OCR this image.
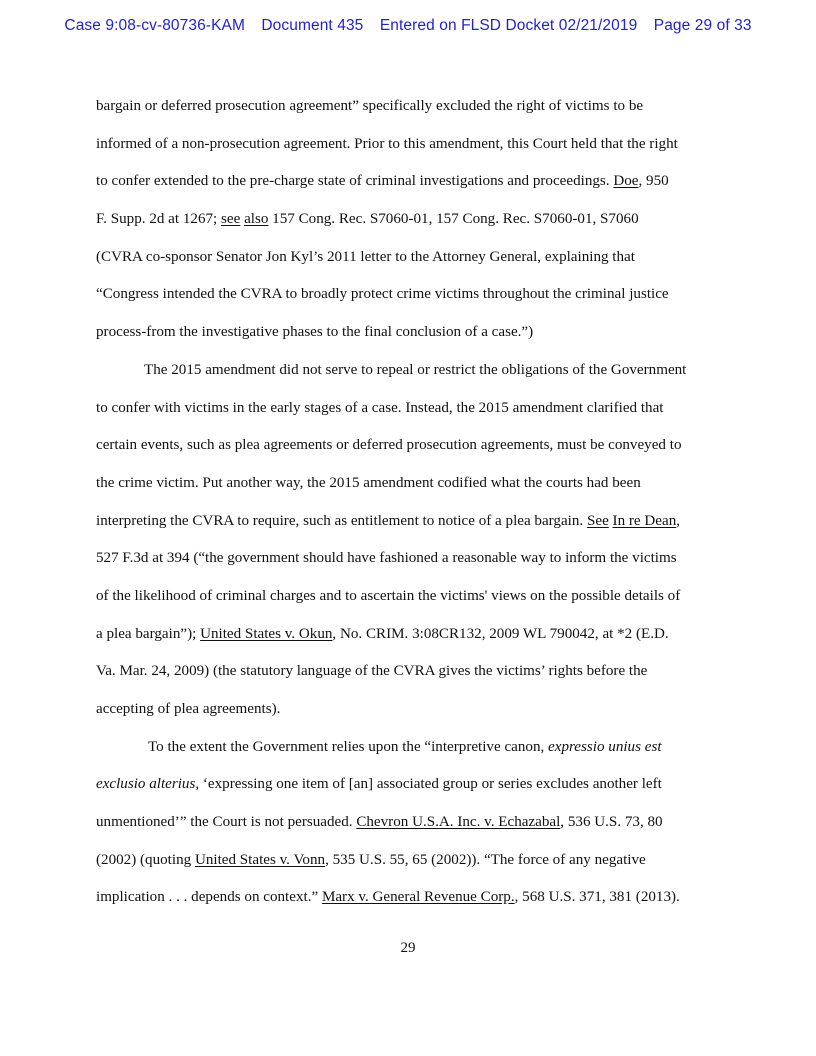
Case 9:08-cv-80736-KAM Document 435 Entered on FLSD Docket 02/21/2019 Page 29 of 33
bargain or deferred prosecution agreement” specifically excluded the right of victims to be
informed of a non-prosecution agreement. Prior to this amendment, this Court held that the right
to confer extended to the pre-charge state of criminal investigations and proceedings. Doe, 950
F. Supp. 2d at 1267; see also 157 Cong. Rec. S7060-01, 157 Cong. Rec. S7060-01, S7060
(CVRA co-sponsor Senator Jon Kyl’s 2011 letter to the Attorney General, explaining that
“Congress intended the CVRA to broadly protect crime victims throughout the criminal justice
process-from the investigative phases to the final conclusion of a case.”)
The 2015 amendment did not serve to repeal or restrict the obligations of the Government
to confer with victims in the early stages of a case. Instead, the 2015 amendment clarified that
certain events, such as plea agreements or deferred prosecution agreements, must be conveyed to
the crime victim. Put another way, the 2015 amendment codified what the courts had been
interpreting the CVRA to require, such as entitlement to notice of a plea bargain. See In re Dean,
527 F.3d at 394 (“the government should have fashioned a reasonable way to inform the victims
of the likelihood of criminal charges and to ascertain the victims' views on the possible details of
a plea bargain”); United States v. Okun, No. CRIM. 3:08CR132, 2009 WL 790042, at *2 (E.D.
Va. Mar. 24, 2009) (the statutory language of the CVRA gives the victims’ rights before the
accepting of plea agreements).
To the extent the Government relies upon the “interpretive canon, expressio unius est
exclusio alterius, ‘expressing one item of [an] associated group or series excludes another left
unmentioned’” the Court is not persuaded. Chevron U.S.A. Inc. v. Echazabal, 536 U.S. 73, 80
(2002) (quoting United States v. Vonn, 535 U.S. 55, 65 (2002)). “The force of any negative
implication . . . depends on context.” Marx v. General Revenue Corp., 568 U.S. 371, 381 (2013).
29
